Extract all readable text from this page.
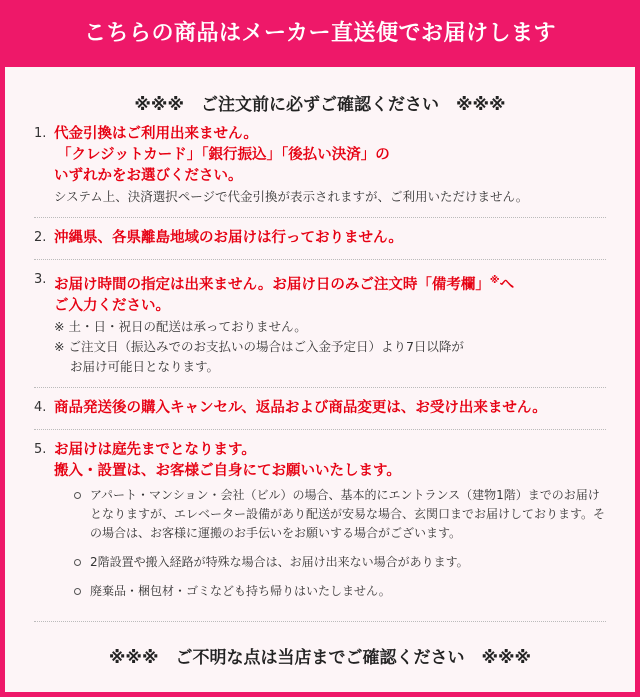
こちらの商品はメーカー直送便でお届けします
※※※　ご注文前に必ずご確認ください　※※※
1. 代金引換はご利用出来ません。
「クレジットカード」「銀行振込」「後払い決済」の
いずれかをお選びください。
システム上、決済選択ページで代金引換が表示されますが、ご利用いただけません。
2. 沖縄県、各県離島地域のお届けは行っておりません。
3. お届け時間の指定は出来ません。お届け日のみご注文時「備考欄」※へ
ご入力ください。
※ 土・日・祝日の配送は承っておりません。
※ ご注文日（振込みでのお支払いの場合はご入金予定日）より7日以降が
お届け可能日となります。
4. 商品発送後の購入キャンセル、返品および商品変更は、お受け出来ません。
5. お届けは庭先までとなります。
搬入・設置は、お客様ご自身にてお願いいたします。
アパート・マンション・会社（ビル）の場合、基本的にエントランス（建物1階）までのお届けとなりますが、エレベーター設備があり配送が安易な場合、玄関口までお届けしております。その場合は、お客様に運搬のお手伝いをお願いする場合がございます。
2階設置や搬入経路が特殊な場合は、お届け出来ない場合があります。
廃棄品・梱包材・ゴミなども持ち帰りはいたしません。
※※※　ご不明な点は当店までご確認ください　※※※
